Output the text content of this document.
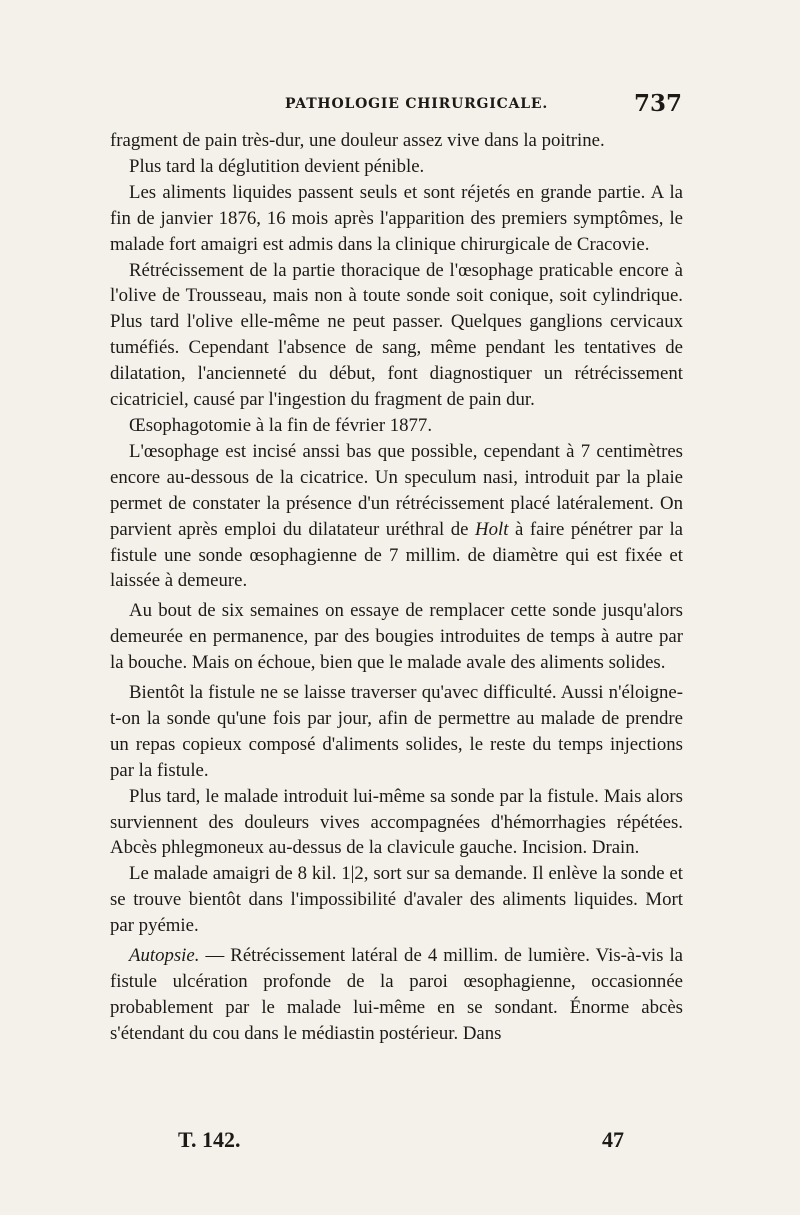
PATHOLOGIE CHIRURGICALE.	737

fragment de pain très-dur, une douleur assez vive dans la poitrine.

Plus tard la déglutition devient pénible.

Les aliments liquides passent seuls et sont réjetés en grande partie. A la fin de janvier 1876, 16 mois après l'apparition des premiers symptômes, le malade fort amaigri est admis dans la clinique chirurgicale de Cracovie.

Rétrécissement de la partie thoracique de l'œsophage praticable encore à l'olive de Trousseau, mais non à toute sonde soit conique, soit cylindrique. Plus tard l'olive elle-même ne peut passer. Quelques ganglions cervicaux tuméfiés. Cependant l'absence de sang, même pendant les tentatives de dilatation, l'ancienneté du début, font diagnostiquer un rétrécissement cicatriciel, causé par l'ingestion du fragment de pain dur.

Œsophagotomie à la fin de février 1877.

L'œsophage est incisé anssi bas que possible, cependant à 7 centimètres encore au-dessous de la cicatrice. Un speculum nasi, introduit par la plaie permet de constater la présence d'un rétrécissement placé latéralement. On parvient après emploi du dilatateur uréthral de Holt à faire pénétrer par la fistule une sonde œsophagienne de 7 millim. de diamètre qui est fixée et laissée à demeure.

Au bout de six semaines on essaye de remplacer cette sonde jusqu'alors demeurée en permanence, par des bougies introduites de temps à autre par la bouche. Mais on échoue, bien que le malade avale des aliments solides.

Bientôt la fistule ne se laisse traverser qu'avec difficulté. Aussi n'éloigne-t-on la sonde qu'une fois par jour, afin de permettre au malade de prendre un repas copieux composé d'aliments solides, le reste du temps injections par la fistule.

Plus tard, le malade introduit lui-même sa sonde par la fistule. Mais alors surviennent des douleurs vives accompagnées d'hémorrhagies répétées. Abcès phlegmoneux au-dessus de la clavicule gauche. Incision. Drain.

Le malade amaigri de 8 kil. 1|2, sort sur sa demande. Il enlève la sonde et se trouve bientôt dans l'impossibilité d'avaler des aliments liquides. Mort par pyémie.

Autopsie. — Rétrécissement latéral de 4 millim. de lumière. Vis-à-vis la fistule ulcération profonde de la paroi œsophagienne, occasionnée probablement par le malade lui-même en se sondant. Énorme abcès s'étendant du cou dans le médiastin postérieur. Dans

T. 142.	47
